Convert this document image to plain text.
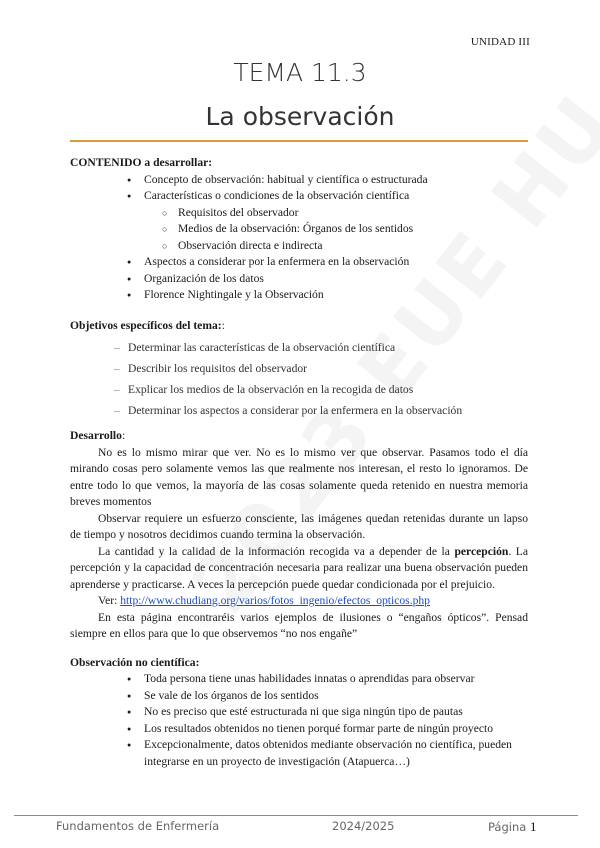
UNIDAD III
TEMA 11.3
La observación
CONTENIDO a desarrollar:
● Concepto de observación: habitual y científica o estructurada
● Características o condiciones de la observación científica
○ Requisitos del observador
○ Medios de la observación: Órganos de los sentidos
○ Observación directa e indirecta
● Aspectos a considerar por la enfermera en la observación
● Organización de los datos
● Florence Nightingale y la Observación
Objetivos específicos del tema::
– Determinar las características de la observación científica
– Describir los requisitos del observador
– Explicar los medios de la observación en la recogida de datos
– Determinar los aspectos a considerar por la enfermera en la observación
Desarrollo:

No es lo mismo mirar que ver. No es lo mismo ver que observar. Pasamos todo el día mirando cosas pero solamente vemos las que realmente nos interesan, el resto lo ignoramos. De entre todo lo que vemos, la mayoría de las cosas solamente queda retenido en nuestra memoria breves momentos

Observar requiere un esfuerzo consciente, las imágenes quedan retenidas durante un lapso de tiempo y nosotros decidimos cuando termina la observación.

La cantidad y la calidad de la información recogida va a depender de la percepción. La percepción y la capacidad de concentración necesaria para realizar una buena observación pueden aprenderse y practicarse. A veces la percepción puede quedar condicionada por el prejuicio.

Ver: http://www.chudiang.org/varios/fotos_ingenio/efectos_opticos.php

En esta página encontraréis varios ejemplos de ilusiones o “engaños ópticos”. Pensad siempre en ellos para que lo que observemos “no nos engañe”

Observación no científica:
● Toda persona tiene unas habilidades innatas o aprendidas para observar
● Se vale de los órganos de los sentidos
● No es preciso que esté estructurada ni que siga ningún tipo de pautas
● Los resultados obtenidos no tienen porqué formar parte de ningún proyecto
● Excepcionalmente, datos obtenidos mediante observación no científica, pueden integrarse en un proyecto de investigación (Atapuerca…)
Fundamentos de Enfermería	2024/2025	Página 1
